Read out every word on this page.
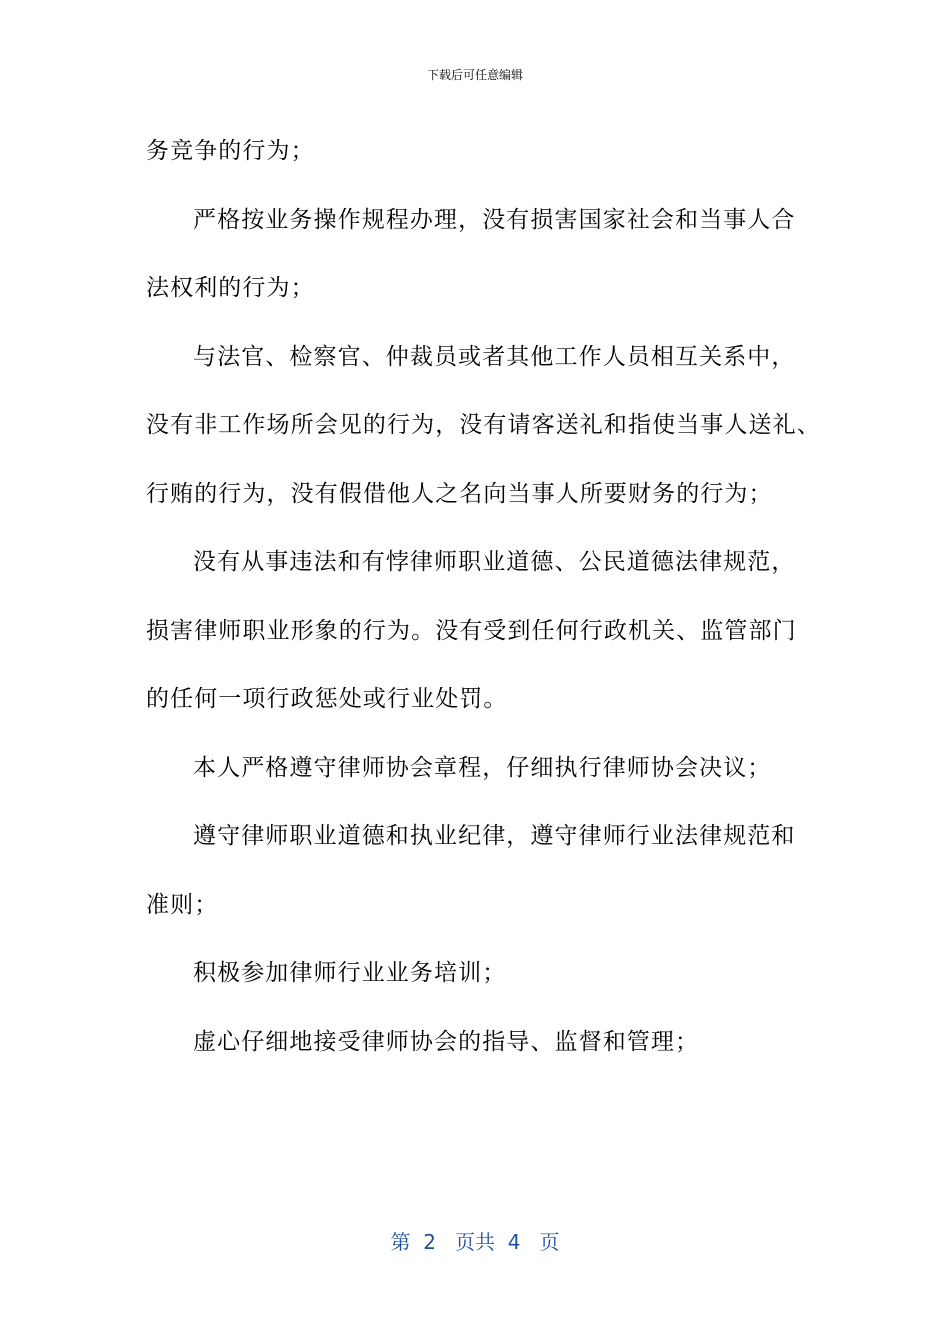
下载后可任意编辑

务竞争的行为；

严格按业务操作规程办理，没有损害国家社会和当事人合

法权利的行为；

与法官、检察官、仲裁员或者其他工作人员相互关系中，

没有非工作场所会见的行为，没有请客送礼和指使当事人送礼、

行贿的行为，没有假借他人之名向当事人所要财务的行为；

没有从事违法和有悖律师职业道德、公民道德法律规范，

损害律师职业形象的行为。没有受到任何行政机关、监管部门

的任何一项行政惩处或行业处罚。

本人严格遵守律师协会章程，仔细执行律师协会决议；

遵守律师职业道德和执业纪律，遵守律师行业法律规范和

准则；

积极参加律师行业业务培训；

虚心仔细地接受律师协会的指导、监督和管理；

第  2   页共  4   页
